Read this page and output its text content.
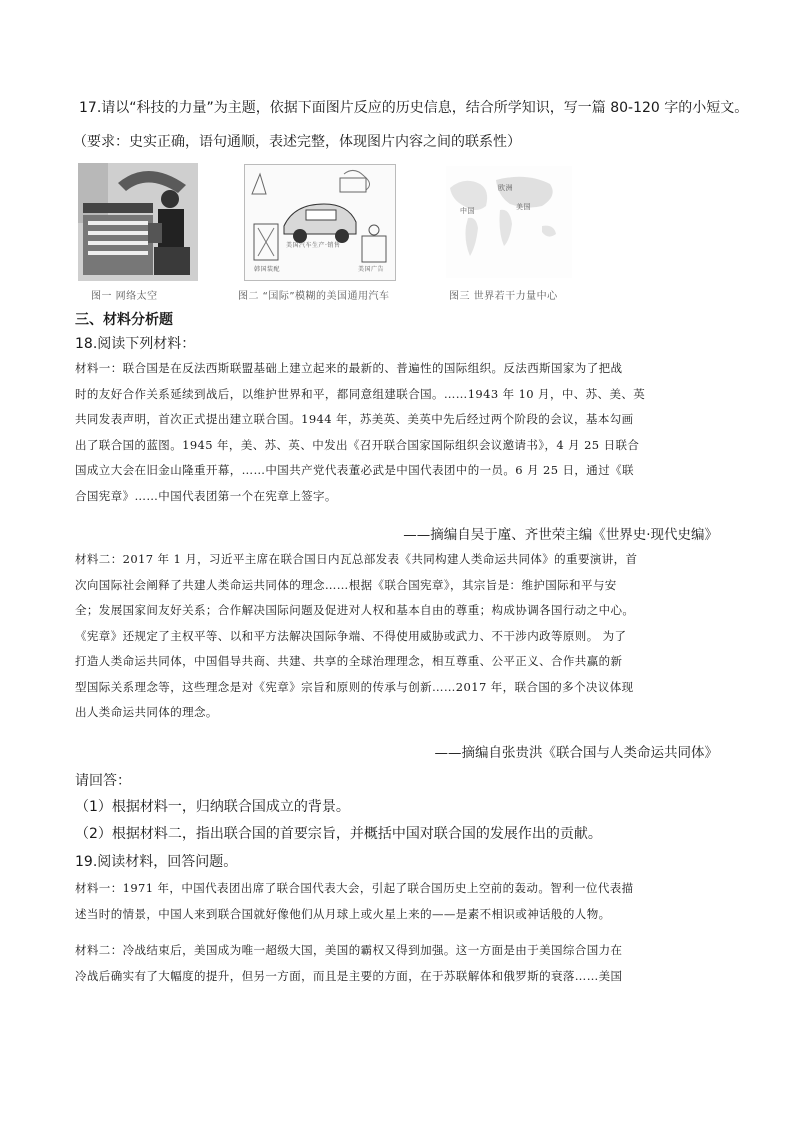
17.请以“科技的力量”为主题，依据下面图片反应的历史信息，结合所学知识，写一篇 80-120 字的小短文。
（要求：史实正确，语句通顺，表述完整，体现图片内容之间的联系性）
图一 网络太空
美国汽车生产·销售
韩国装配	美国广告
图二 “国际”模糊的美国通用汽车
欧洲
中国	美国
图三 世界若干力量中心
三、材料分析题
18.阅读下列材料：

材料一：联合国是在反法西斯联盟基础上建立起来的最新的、普遍性的国际组织。反法西斯国家为了把战

时的友好合作关系延续到战后，以维护世界和平，都同意组建联合国。……1943 年 10 月，中、苏、美、英

共同发表声明，首次正式提出建立联合国。1944 年，苏美英、美英中先后经过两个阶段的会议，基本勾画

出了联合国的蓝图。1945 年，美、苏、英、中发出《召开联合国家国际组织会议邀请书》，4 月 25 日联合

国成立大会在旧金山隆重开幕，……中国共产党代表董必武是中国代表团中的一员。6 月 25 日，通过《联

合国宪章》……中国代表团第一个在宪章上签字。

——摘编自吴于廑、齐世荣主编《世界史·现代史编》

材料二：2017 年 1 月，习近平主席在联合国日内瓦总部发表《共同构建人类命运共同体》的重要演讲，首

次向国际社会阐释了共建人类命运共同体的理念……根据《联合国宪章》，其宗旨是：维护国际和平与安

全；发展国家间友好关系；合作解决国际问题及促进对人权和基本自由的尊重；构成协调各国行动之中心。

《宪章》还规定了主权平等、以和平方法解决国际争端、不得使用威胁或武力、不干涉内政等原则。 为了

打造人类命运共同体，中国倡导共商、共建、共享的全球治理理念，相互尊重、公平正义、合作共赢的新

型国际关系理念等，这些理念是对《宪章》宗旨和原则的传承与创新……2017 年，联合国的多个决议体现

出人类命运共同体的理念。

——摘编自张贵洪《联合国与人类命运共同体》
请回答：
（1）根据材料一，归纳联合国成立的背景。
（2）根据材料二，指出联合国的首要宗旨，并概括中国对联合国的发展作出的贡献。
19.阅读材料，回答问题。

材料一：1971 年，中国代表团出席了联合国代表大会，引起了联合国历史上空前的轰动。智利一位代表描

述当时的情景，中国人来到联合国就好像他们从月球上或火星上来的——是素不相识或神话般的人物。

材料二：冷战结束后，美国成为唯一超级大国，美国的霸权又得到加强。这一方面是由于美国综合国力在

冷战后确实有了大幅度的提升，但另一方面，而且是主要的方面，在于苏联解体和俄罗斯的衰落……美国
